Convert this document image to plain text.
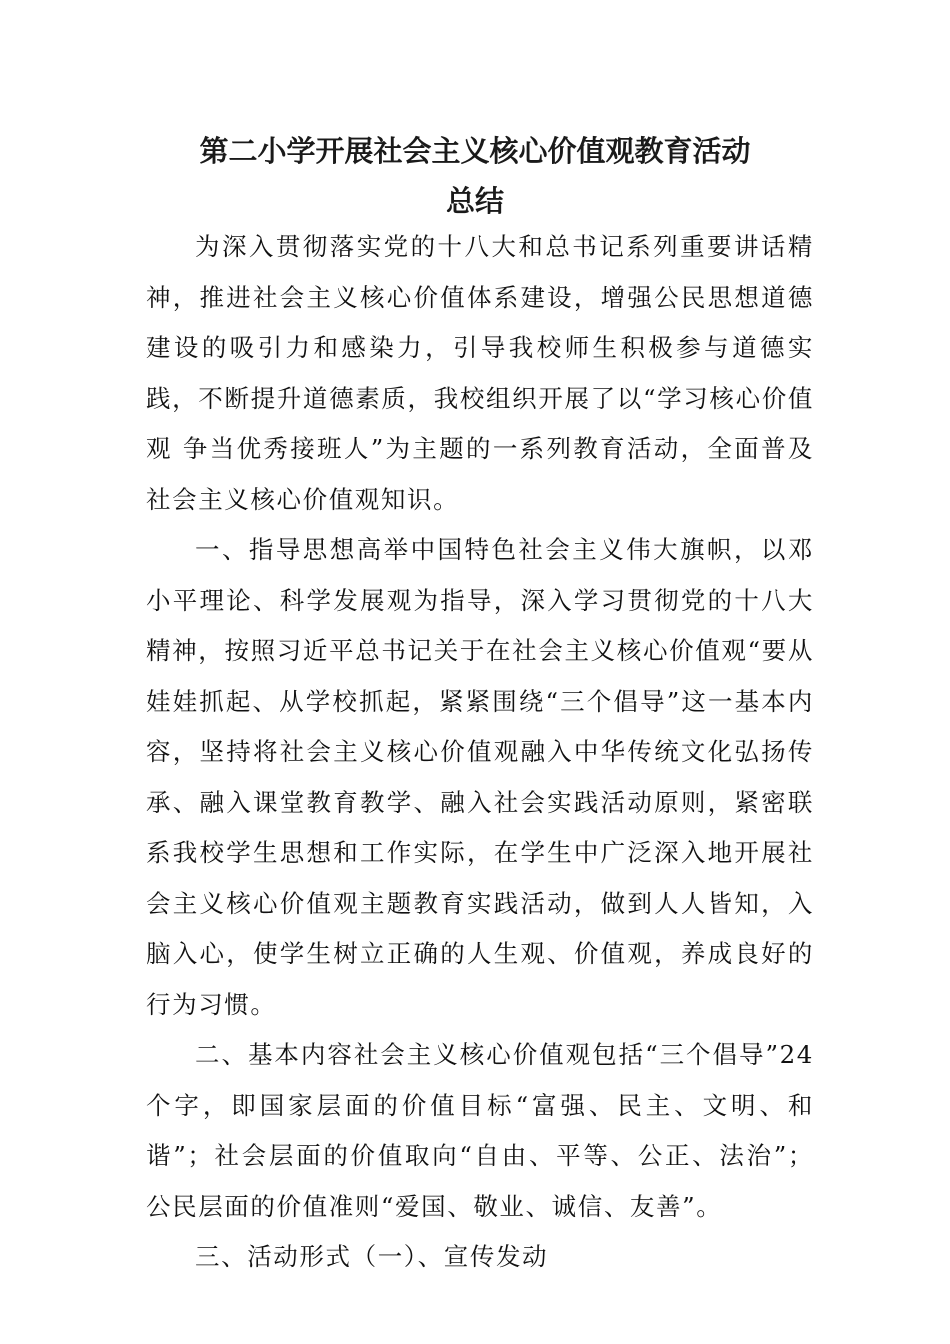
第二小学开展社会主义核心价值观教育活动
总结

为深入贯彻落实党的十八大和总书记系列重要讲话精神，推进社会主义核心价值体系建设，增强公民思想道德建设的吸引力和感染力，引导我校师生积极参与道德实践，不断提升道德素质，我校组织开展了以“学习核心价值观 争当优秀接班人”为主题的一系列教育活动，全面普及社会主义核心价值观知识。

一、指导思想高举中国特色社会主义伟大旗帜，以邓小平理论、科学发展观为指导，深入学习贯彻党的十八大精神，按照习近平总书记关于在社会主义核心价值观“要从娃娃抓起、从学校抓起，紧紧围绕“三个倡导”这一基本内容，坚持将社会主义核心价值观融入中华传统文化弘扬传承、融入课堂教育教学、融入社会实践活动原则，紧密联系我校学生思想和工作实际，在学生中广泛深入地开展社会主义核心价值观主题教育实践活动，做到人人皆知，入脑入心，使学生树立正确的人生观、价值观，养成良好的行为习惯。

二、基本内容社会主义核心价值观包括“三个倡导”24个字，即国家层面的价值目标“富强、民主、文明、和谐”；社会层面的价值取向“自由、平等、公正、法治”；公民层面的价值准则“爱国、敬业、诚信、友善”。

三、活动形式（一）、宣传发动
